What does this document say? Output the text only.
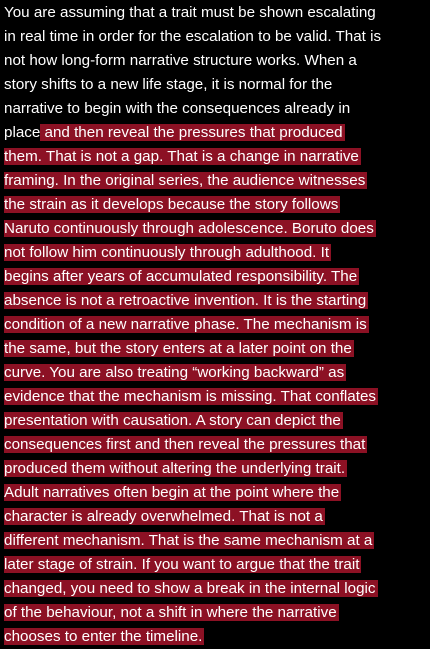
You are assuming that a trait must be shown escalating
in real time in order for the escalation to be valid. That is
not how long-form narrative structure works. When a
story shifts to a new life stage, it is normal for the
narrative to begin with the consequences already in
place and then reveal the pressures that produced
them. That is not a gap. That is a change in narrative
framing. In the original series, the audience witnesses
the strain as it develops because the story follows
Naruto continuously through adolescence. Boruto does
not follow him continuously through adulthood. It
begins after years of accumulated responsibility. The
absence is not a retroactive invention. It is the starting
condition of a new narrative phase. The mechanism is
the same, but the story enters at a later point on the
curve. You are also treating “working backward” as
evidence that the mechanism is missing. That conflates
presentation with causation. A story can depict the
consequences first and then reveal the pressures that
produced them without altering the underlying trait.
Adult narratives often begin at the point where the
character is already overwhelmed. That is not a
different mechanism. That is the same mechanism at a
later stage of strain. If you want to argue that the trait
changed, you need to show a break in the internal logic
of the behaviour, not a shift in where the narrative
chooses to enter the timeline.
